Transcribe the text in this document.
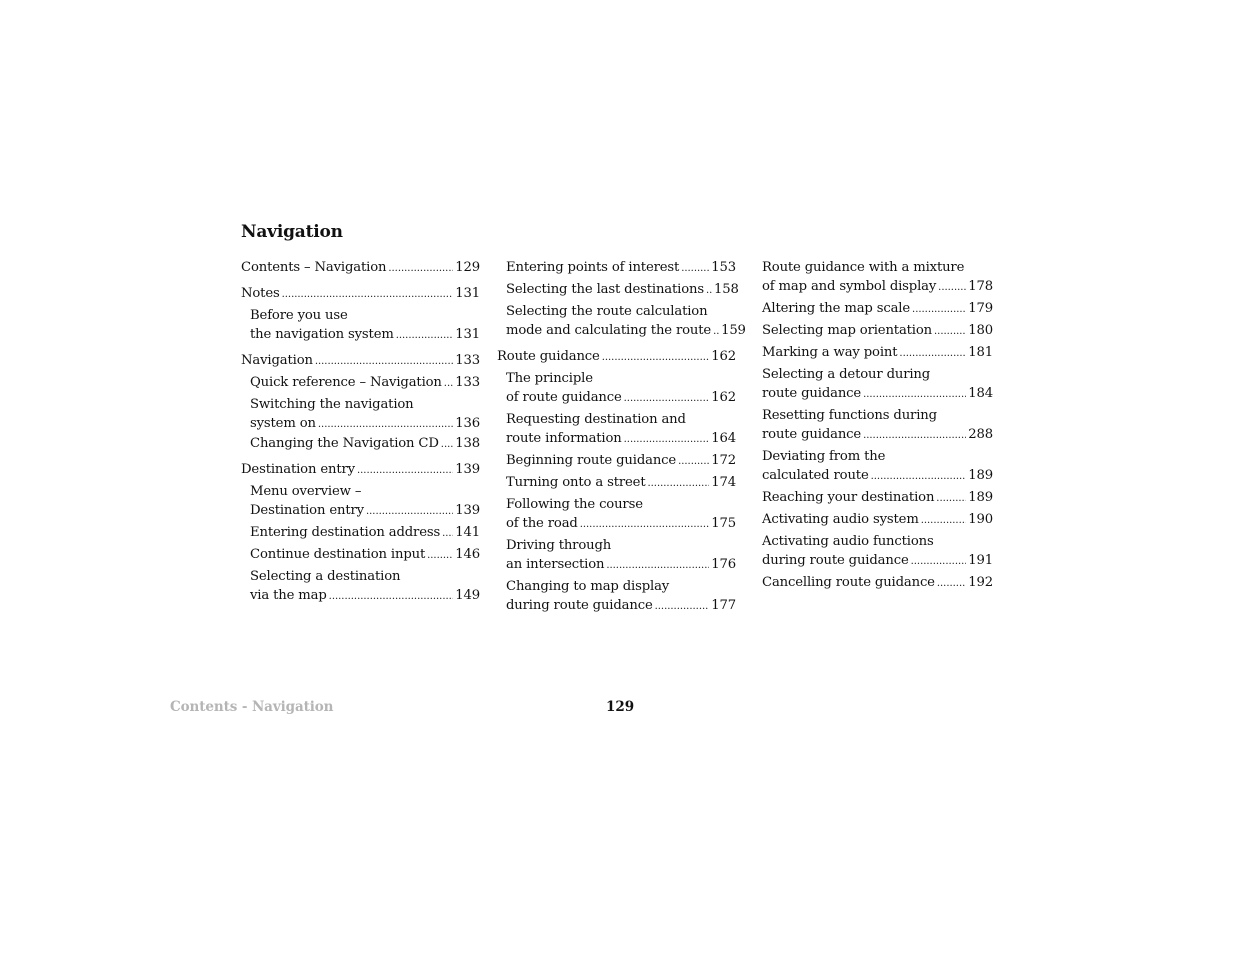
Navigation
Contents – Navigation . . .	129
Notes . . .	131
Before you use
the navigation system . . .	131
Navigation . . .	133
Quick reference – Navigation . . . 133
Switching the navigation
system on . . .	136
Changing the Navigation CD . . . 138
Destination entry . . .	139
Menu overview –
Destination entry . . .	139
Entering destination address . . . 141
Continue destination input . . . 146
Selecting a destination
via the map . . .	149
Entering points of interest . . . 153
Selecting the last destinations . . . 158
Selecting the route calculation
mode and calculating the route . . . 159
Route guidance . . .	162
The principle
of route guidance . . .	162
Requesting destination and
route information . . .	164
Beginning route guidance . . .	172
Turning onto a street . . .	174
Following the course
of the road . . .	175
Driving through
an intersection . . .	176
Changing to map display
during route guidance . . .	177
Route guidance with a mixture
of map and symbol display . . . 178
Altering the map scale . . .	179
Selecting map orientation . . .	180
Marking a way point . . .	181
Selecting a detour during
route guidance . . .	184
Resetting functions during
route guidance . . .	288
Deviating from the
calculated route . . .	189
Reaching your destination . . .	189
Activating audio system . . .	190
Activating audio functions
during route guidance . . .	191
Cancelling route guidance . . .	192
Contents - Navigation	129
